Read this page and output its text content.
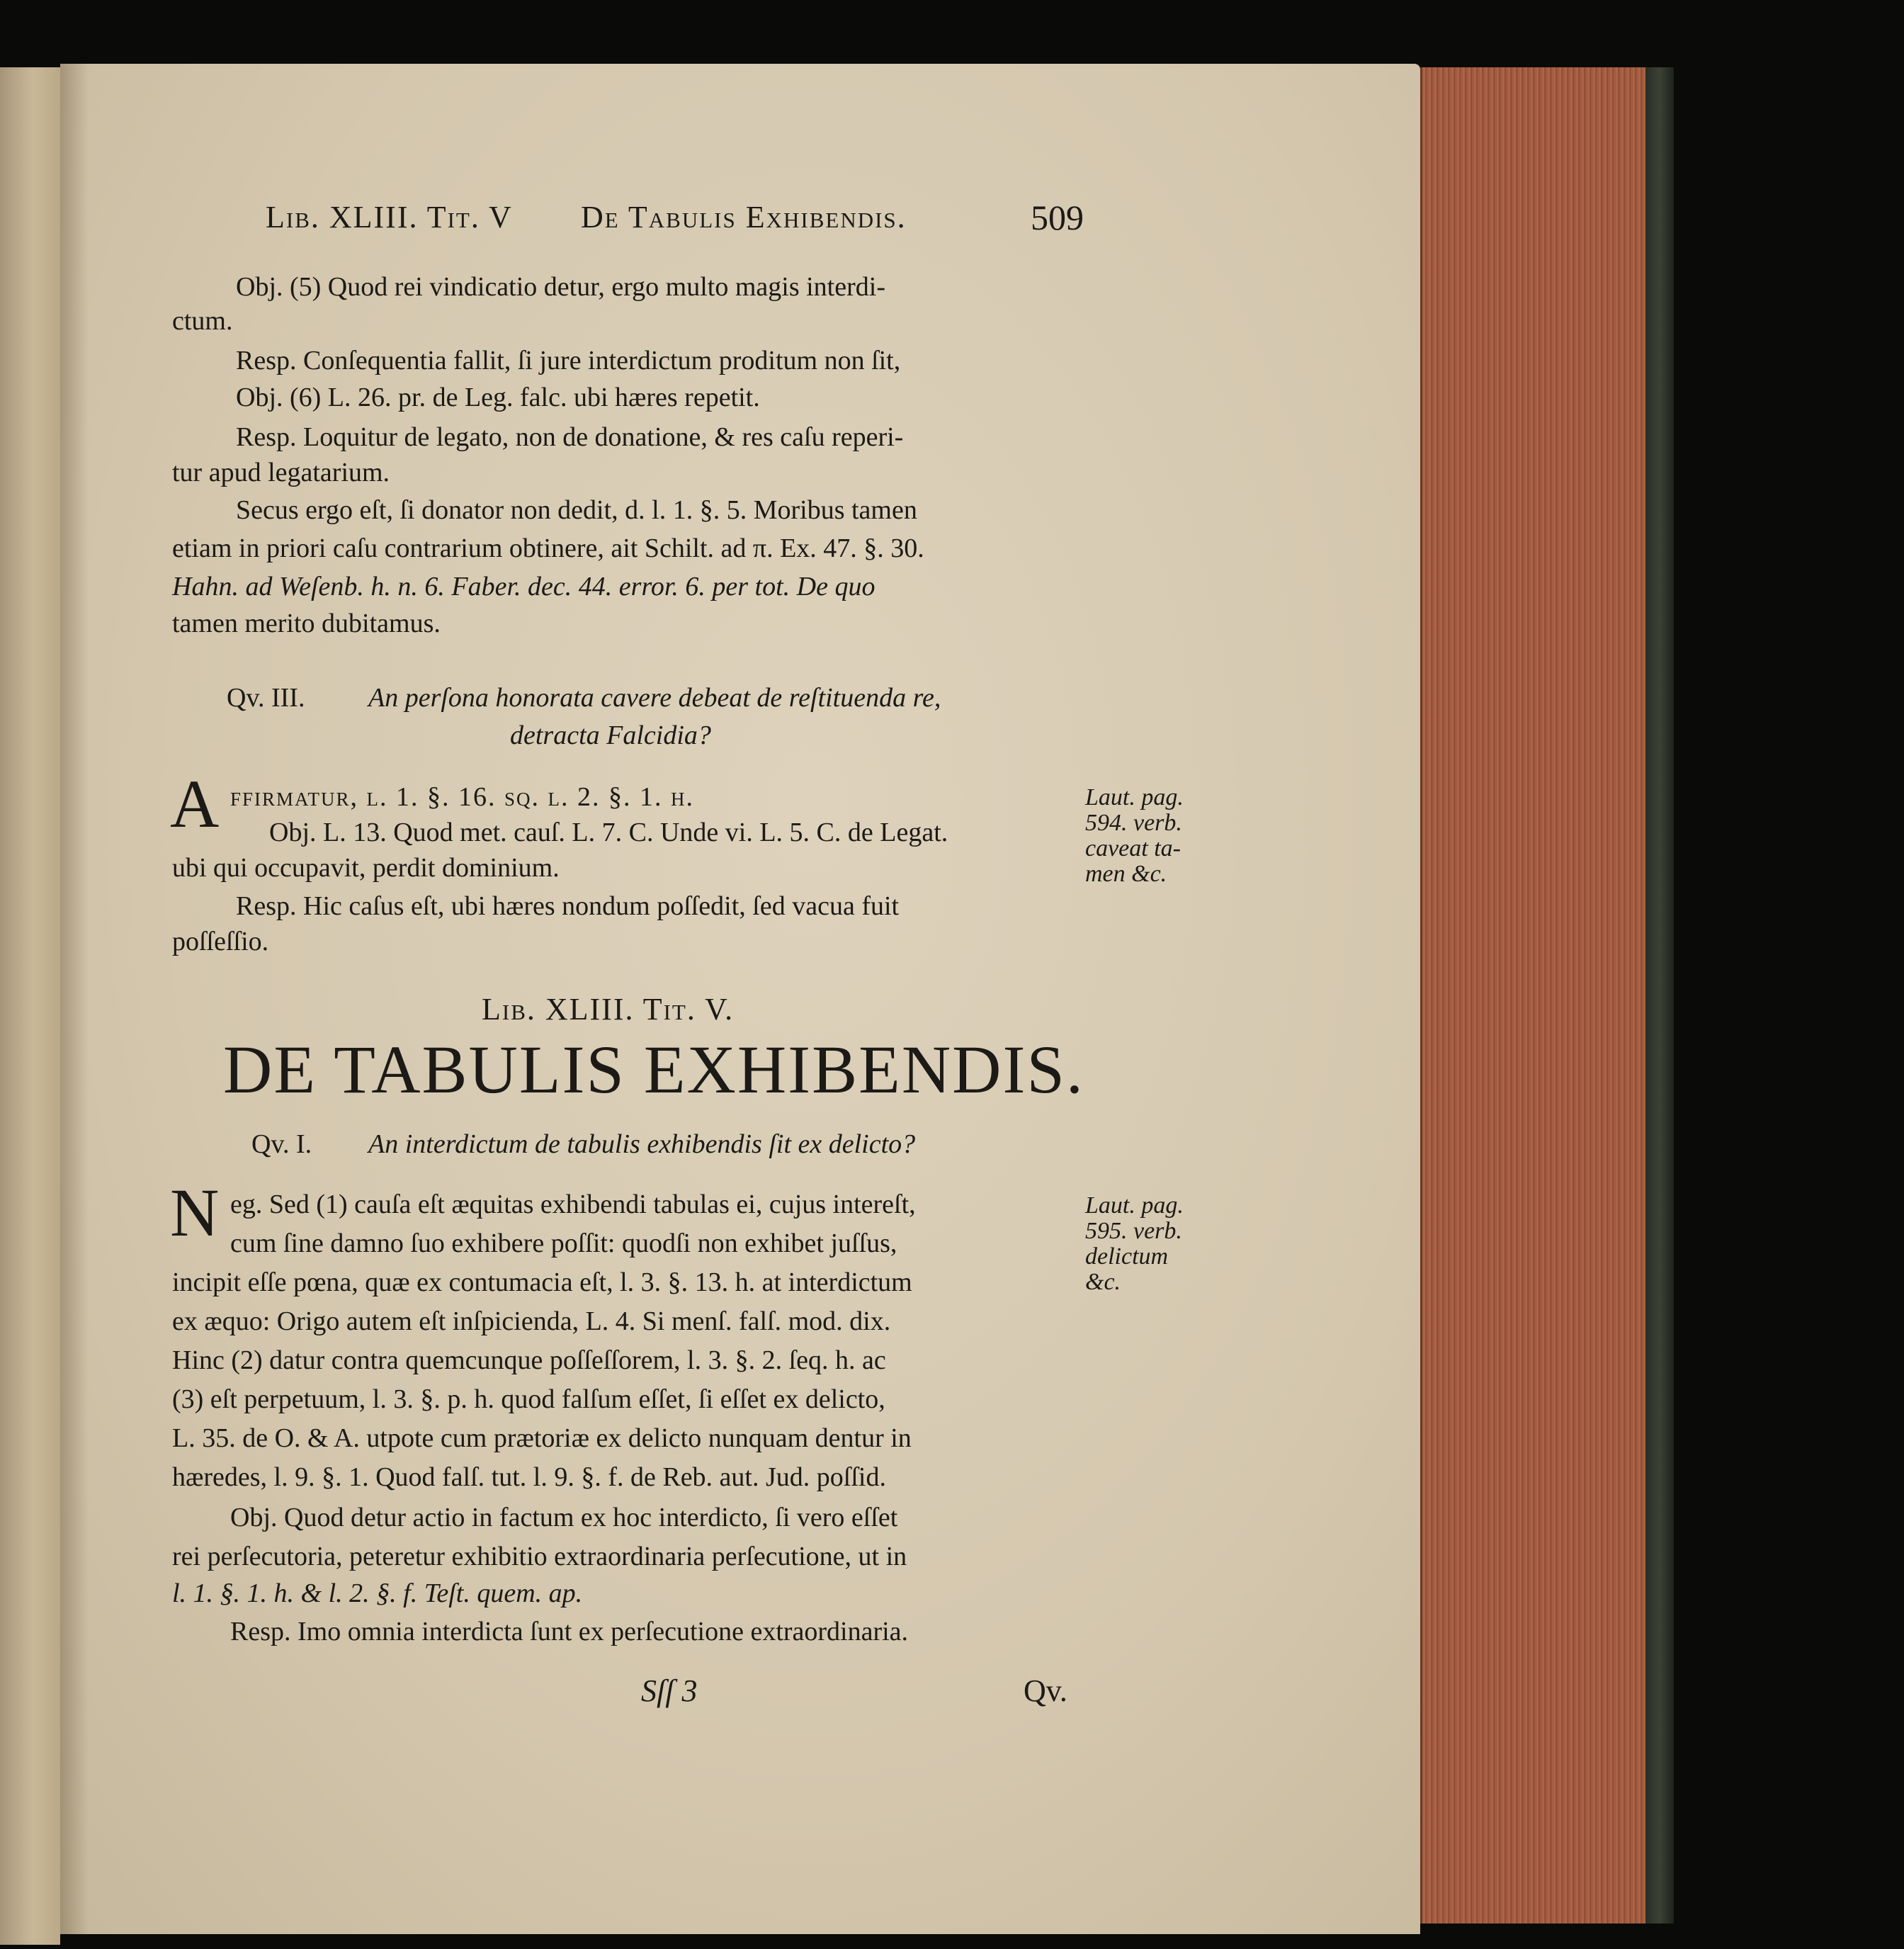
Lib. XLIII. Tit. V De Tabulis Exhibendis.	509
Obj. (5) Quod rei vindicatio detur, ergo multo magis interdi-
ctum.
Resp. Conſequentia fallit, ſi jure interdictum proditum non ſit,
Obj. (6) L. 26. pr. de Leg. falc. ubi hæres repetit.
Resp. Loquitur de legato, non de donatione, & res caſu reperi-
tur apud legatarium.
Secus ergo eſt, ſi donator non dedit, d. l. 1. §. 5. Moribus tamen
etiam in priori caſu contrarium obtinere, ait Schilt. ad π. Ex. 47. §. 30.
Hahn. ad Weſenb. h. n. 6. Faber. dec. 44. error. 6. per tot. De quo
tamen merito dubitamus.
Qv. III. An perſona honorata cavere debeat de reſtituenda re,
detracta Falcidia?
A ffirmatur, l. 1. §. 16. ſq. l. 2. §. 1. h.
Obj. L. 13. Quod met. cauſ. L. 7. C. Unde vi. L. 5. C. de Legat.
ubi qui occupavit, perdit dominium.
Resp. Hic caſus eſt, ubi hæres nondum poſſedit, ſed vacua fuit
poſſeſſio.
Laut. pag.
594. verb.
caveat ta-
men &c.
Lib. XLIII. Tit. V.
DE TABULIS EXHIBENDIS.
Qv. I. An interdictum de tabulis exhibendis ſit ex delicto?
N eg. Sed (1) cauſa eſt æquitas exhibendi tabulas ei, cujus intereſt,
cum ſine damno ſuo exhibere poſſit: quodſi non exhibet juſſus,
incipit eſſe pœna, quæ ex contumacia eſt, l. 3. §. 13. h. at interdictum
ex æquo: Origo autem eſt inſpicienda, L. 4. Si menſ. falſ. mod. dix.
Hinc (2) datur contra quemcunque poſſeſſorem, l. 3. §. 2. ſeq. h. ac
(3) eſt perpetuum, l. 3. §. p. h. quod falſum eſſet, ſi eſſet ex delicto,
L. 35. de O. & A. utpote cum prætoriæ ex delicto nunquam dentur in
hæredes, l. 9. §. 1. Quod falſ. tut. l. 9. §. f. de Reb. aut. Jud. poſſid.
Obj. Quod detur actio in factum ex hoc interdicto, ſi vero eſſet
rei perſecutoria, peteretur exhibitio extraordinaria perſecutione, ut in
l. 1. §. 1. h. & l. 2. §. f. Teſt. quem. ap.
Resp. Imo omnia interdicta ſunt ex perſecutione extraordinaria.
Laut. pag.
595. verb.
delictum
&c.
Sſſ 3	Qv.
